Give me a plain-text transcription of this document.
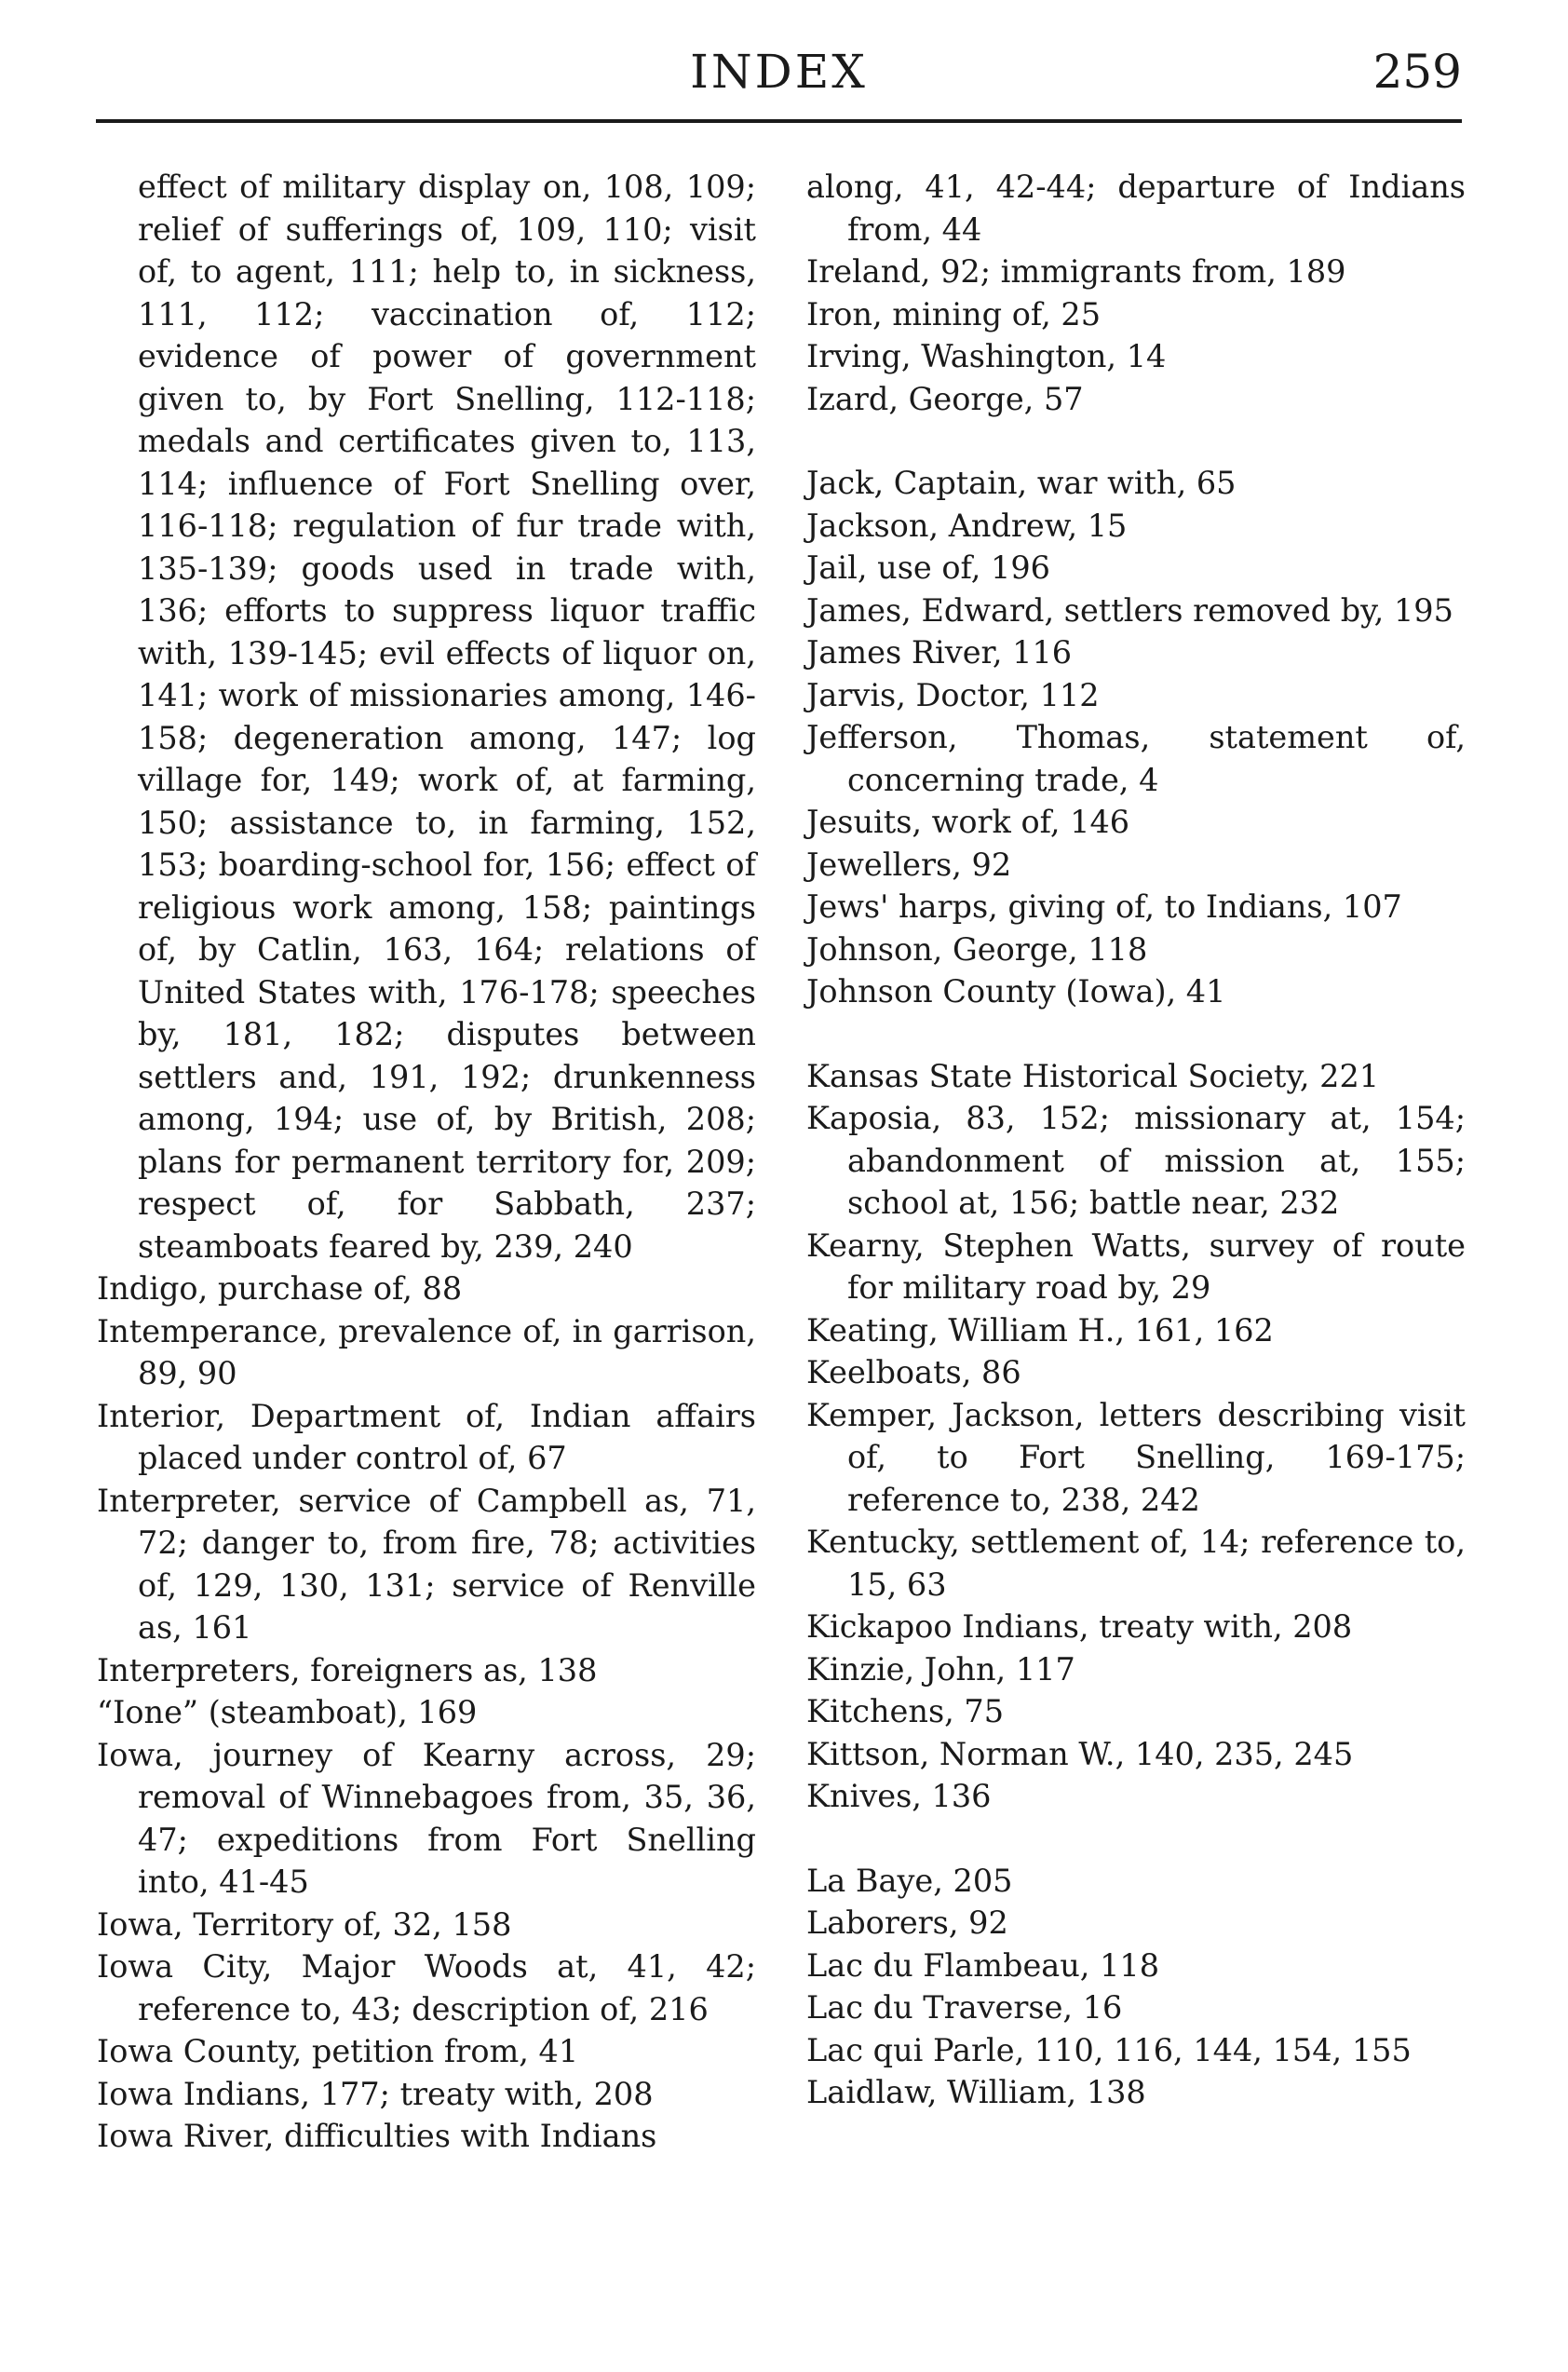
INDEX	259

effect of military display on, 108, 109; relief of sufferings of, 109, 110; visit of, to agent, 111; help to, in sickness, 111, 112; vaccination of, 112; evidence of power of government given to, by Fort Snelling, 112-118; medals and certificates given to, 113, 114; influence of Fort Snelling over, 116-118; regulation of fur trade with, 135-139; goods used in trade with, 136; efforts to suppress liquor traffic with, 139-145; evil effects of liquor on, 141; work of missionaries among, 146-158; degeneration among, 147; log village for, 149; work of, at farming, 150; assistance to, in farming, 152, 153; boarding-school for, 156; effect of religious work among, 158; paintings of, by Catlin, 163, 164; relations of United States with, 176-178; speeches by, 181, 182; disputes between settlers and, 191, 192; drunkenness among, 194; use of, by British, 208; plans for permanent territory for, 209; respect of, for Sabbath, 237; steamboats feared by, 239, 240

Indigo, purchase of, 88

Intemperance, prevalence of, in garrison, 89, 90

Interior, Department of, Indian affairs placed under control of, 67

Interpreter, service of Campbell as, 71, 72; danger to, from fire, 78; activities of, 129, 130, 131; service of Renville as, 161

Interpreters, foreigners as, 138

“Ione” (steamboat), 169

Iowa, journey of Kearny across, 29; removal of Winnebagoes from, 35, 36, 47; expeditions from Fort Snelling into, 41-45

Iowa, Territory of, 32, 158

Iowa City, Major Woods at, 41, 42; reference to, 43; description of, 216

Iowa County, petition from, 41

Iowa Indians, 177; treaty with, 208

Iowa River, difficulties with Indians

along, 41, 42-44; departure of Indians from, 44

Ireland, 92; immigrants from, 189

Iron, mining of, 25

Irving, Washington, 14

Izard, George, 57

Jack, Captain, war with, 65

Jackson, Andrew, 15

Jail, use of, 196

James, Edward, settlers removed by, 195

James River, 116

Jarvis, Doctor, 112

Jefferson, Thomas, statement of, concerning trade, 4

Jesuits, work of, 146

Jewellers, 92

Jews' harps, giving of, to Indians, 107

Johnson, George, 118

Johnson County (Iowa), 41

Kansas State Historical Society, 221

Kaposia, 83, 152; missionary at, 154; abandonment of mission at, 155; school at, 156; battle near, 232

Kearny, Stephen Watts, survey of route for military road by, 29

Keating, William H., 161, 162

Keelboats, 86

Kemper, Jackson, letters describing visit of, to Fort Snelling, 169-175; reference to, 238, 242

Kentucky, settlement of, 14; reference to, 15, 63

Kickapoo Indians, treaty with, 208

Kinzie, John, 117

Kitchens, 75

Kittson, Norman W., 140, 235, 245

Knives, 136

La Baye, 205

Laborers, 92

Lac du Flambeau, 118

Lac du Traverse, 16

Lac qui Parle, 110, 116, 144, 154, 155

Laidlaw, William, 138
